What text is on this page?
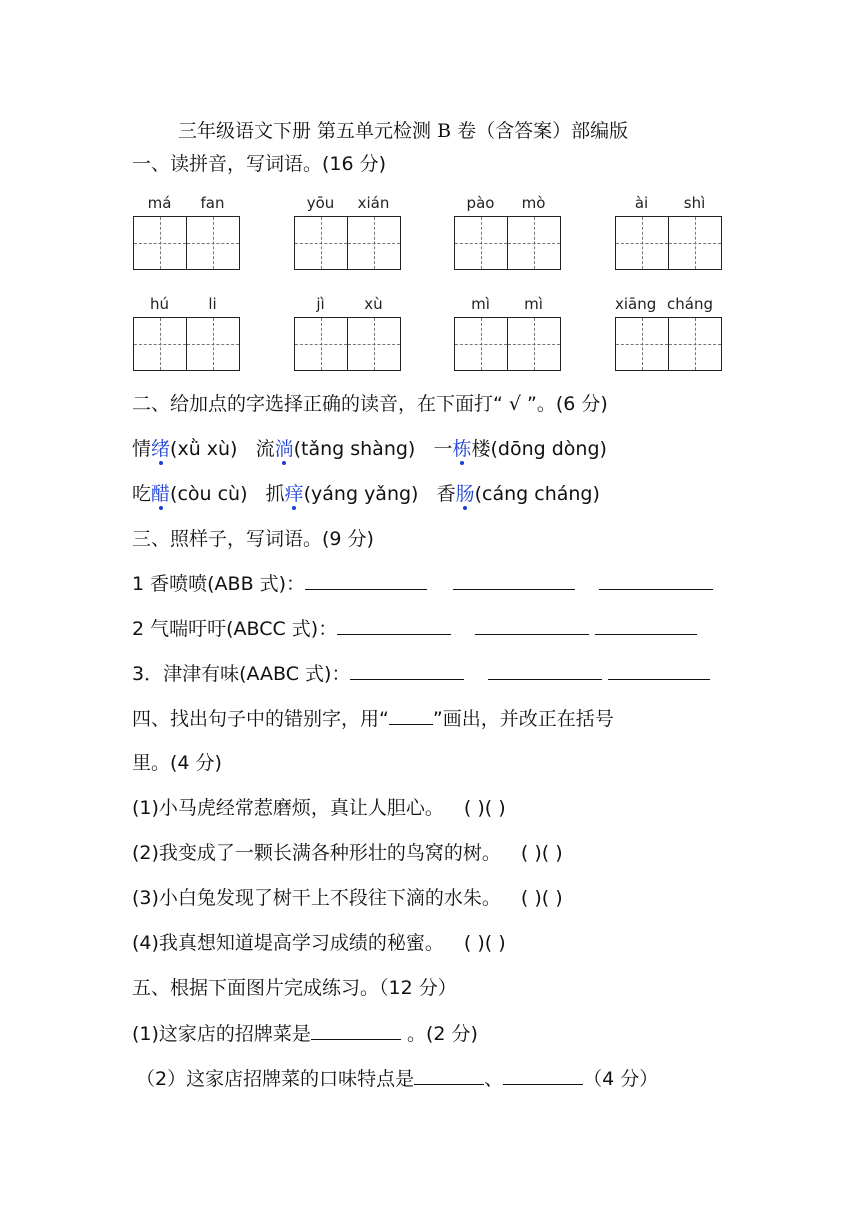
三年级语文下册 第五单元检测 B 卷（含答案）部编版
一、读拼音，写词语。(16 分)
má	fan	yōu	xián	pào	mò	ài	shì
hú	li	jì	xù	mì	mì	xiāng cháng
二、给加点的字选择正确的读音，在下面打“ √ ”。(6 分)
情绪(xǜ xù) 流淌(tǎng shàng) 一栋楼(dōng dòng)
吃醋(còu cù) 抓痒(yáng yǎng) 香肠(cáng cháng)
三、照样子，写词语。(9 分)
1 香喷喷(ABB 式)：
2 气喘吁吁(ABCC 式)：
3．津津有味(AABC 式)：
四、找出句子中的错别字，用“ ”画出，并改正在括号
里。(4 分)
(1)小马虎经常惹磨烦，真让人胆心。 ( )( )
(2)我变成了一颗长满各种形壮的鸟窝的树。 ( )( )
(3)小白兔发现了树干上不段往下滴的水朱。 ( )( )
(4)我真想知道堤高学习成绩的秘蜜。 ( )( )
五、根据下面图片完成练习。（12 分）
(1)这家店的招牌菜是	。(2 分)
（2）这家店招牌菜的口味特点是	、	（4 分）
